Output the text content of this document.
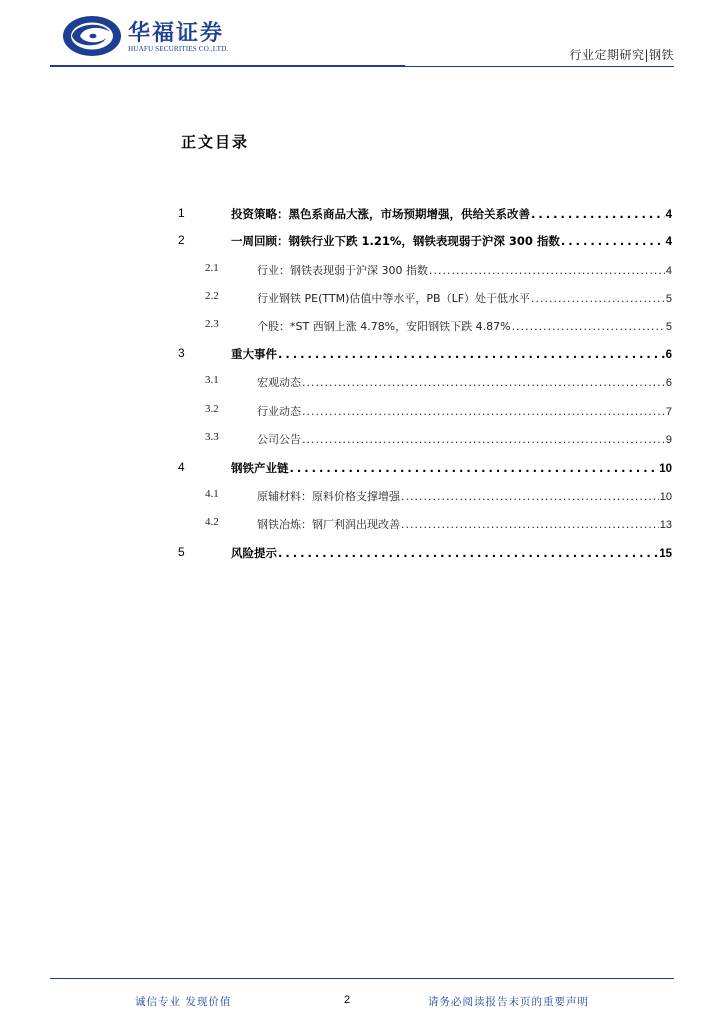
华福证券
HUAFU SECURITIES CO.,LTD.	行业定期研究|钢铁
正文目录
1	投资策略：黑色系商品大涨，市场预期增强，供给关系改善 .....	4
2	一周回顾：钢铁行业下跌 1.21%，钢铁表现弱于沪深 300 指数 .....	4
2.1	行业：钢铁表现弱于沪深 300 指数 .....	4
2.2	行业钢铁 PE(TTM)估值中等水平，PB（LF）处于低水平 .....	5
2.3	个股：*ST 西钢上涨 4.78%，安阳钢铁下跌 4.87% .....	5
3	重大事件 .....	6
3.1	宏观动态 .....	6
3.2	行业动态 .....	7
3.3	公司公告 .....	9
4	钢铁产业链 .....	10
4.1	原辅材料：原料价格支撑增强 .....	10
4.2	钢铁冶炼：钢厂利润出现改善 .....	13
5	风险提示 .....	15
诚信专业 发现价值	2	请务必阅读报告末页的重要声明
